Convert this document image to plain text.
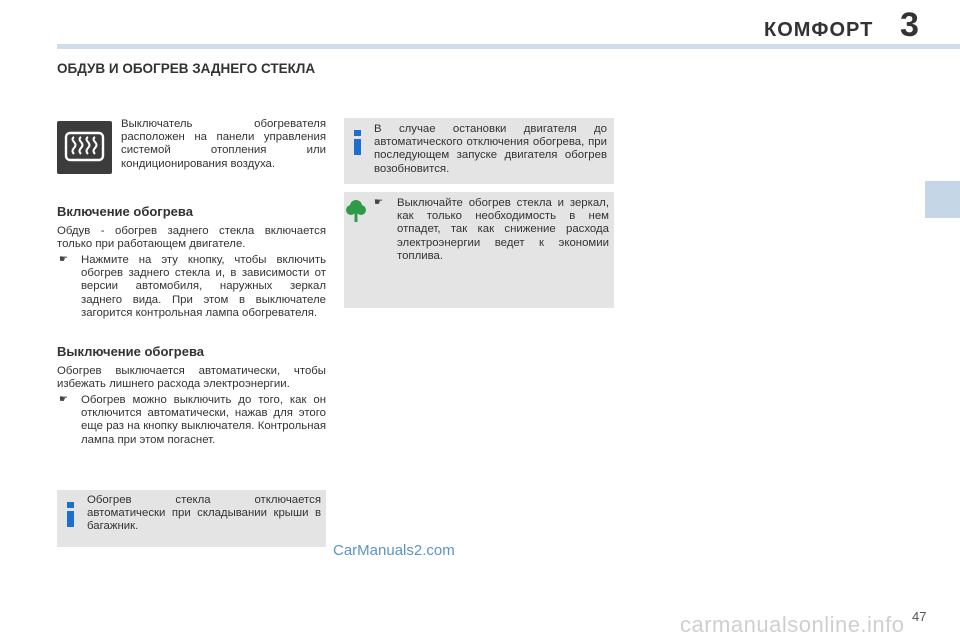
КОМФОРТ 3
ОБДУВ И ОБОГРЕВ ЗАДНЕГО СТЕКЛА
Выключатель обогревателя расположен на панели управления системой отопления или кондиционирования воздуха.
Включение обогрева
Обдув - обогрев заднего стекла включается только при работающем двигателе.
☛ Нажмите на эту кнопку, чтобы включить обогрев заднего стекла и, в зависимости от версии автомобиля, наружных зеркал заднего вида. При этом в выключателе загорится контрольная лампа обогревателя.
Выключение обогрева
Обогрев выключается автоматически, чтобы избежать лишнего расхода электроэнергии.
☛ Обогрев можно выключить до того, как он отключится автоматически, нажав для этого еще раз на кнопку выключателя. Контрольная лампа при этом погаснет.
Обогрев стекла отключается автоматически при складывании крыши в багажник.
В случае остановки двигателя до автоматического отключения обогрева, при последующем запуске двигателя обогрев возобновится.
☛ Выключайте обогрев стекла и зеркал, как только необходимость в нем отпадет, так как снижение расхода электроэнергии ведет к экономии топлива.
CarManuals2.com
47
carmanualsonline.info
